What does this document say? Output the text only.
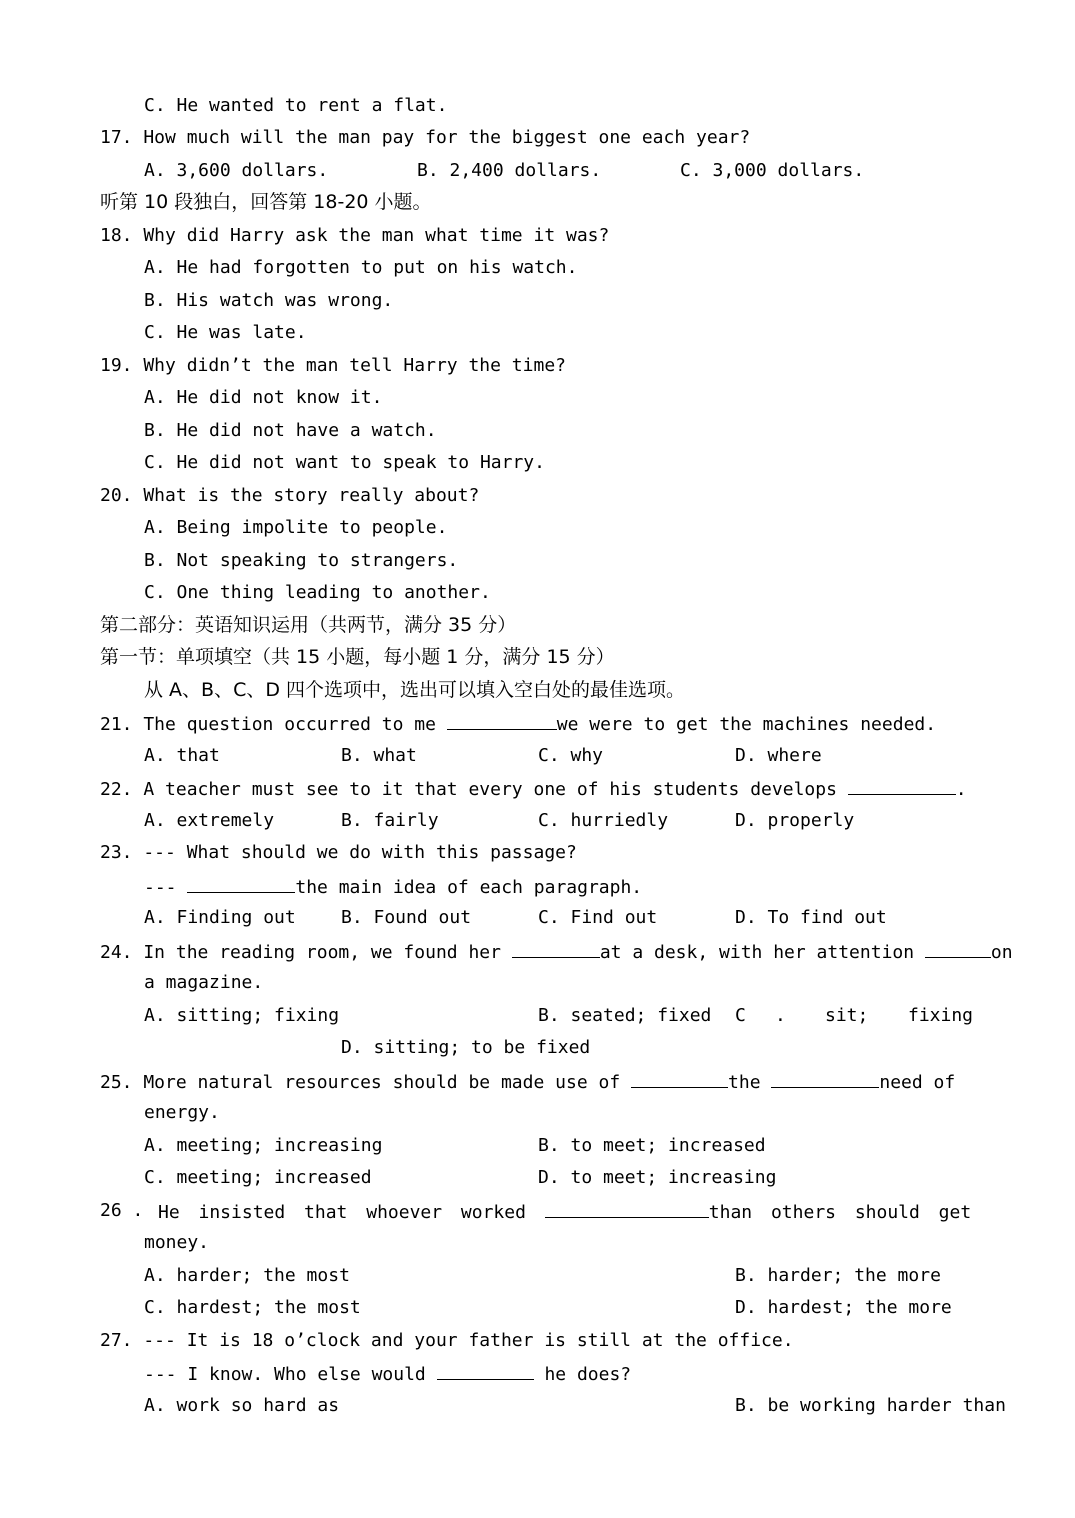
C. He wanted to rent a flat.
17. How much will the man pay for the biggest one each year?
A. 3,600 dollars.	B. 2,400 dollars.	C. 3,000 dollars.
听第 10 段独白，回答第 18-20 小题。
18. Why did Harry ask the man what time it was?
A. He had forgotten to put on his watch.
B. His watch was wrong.
C. He was late.
19. Why didn’t the man tell Harry the time?
A. He did not know it.
B. He did not have a watch.
C. He did not want to speak to Harry.
20. What is the story really about?
A. Being impolite to people.
B. Not speaking to strangers.
C. One thing leading to another.
第二部分：英语知识运用（共两节，满分 35 分）
第一节：单项填空（共 15 小题，每小题 1 分，满分 15 分）
从 A、B、C、D 四个选项中，选出可以填入空白处的最佳选项。
21. The question occurred to me	we were to get the machines needed.
A. that	B. what	C. why	D. where
22. A teacher must see to it that every one of his students develops	.
A. extremely	B. fairly	C. hurriedly	D. properly
23. --- What should we do with this passage?
---	the main idea of each paragraph.
A. Finding out	B. Found out	C. Find out	D. To find out
24. In the reading room, we found her	at a desk, with her attention	on
a magazine.
A. sitting; fixing	B. seated; fixed C . sit; fixing
D. sitting; to be fixed
25. More natural resources should be made use of	the	need of
energy.
A. meeting; increasing	B. to meet; increased
C. meeting; increased	D. to meet; increasing
26 . He insisted that whoever worked	than others should get
money.
A. harder; the most	B. harder; the more
C. hardest; the most	D. hardest; the more
27. --- It is 18 o’clock and your father is still at the office.
--- I know. Who else would	he does?
A. work so hard as	B. be working harder than
